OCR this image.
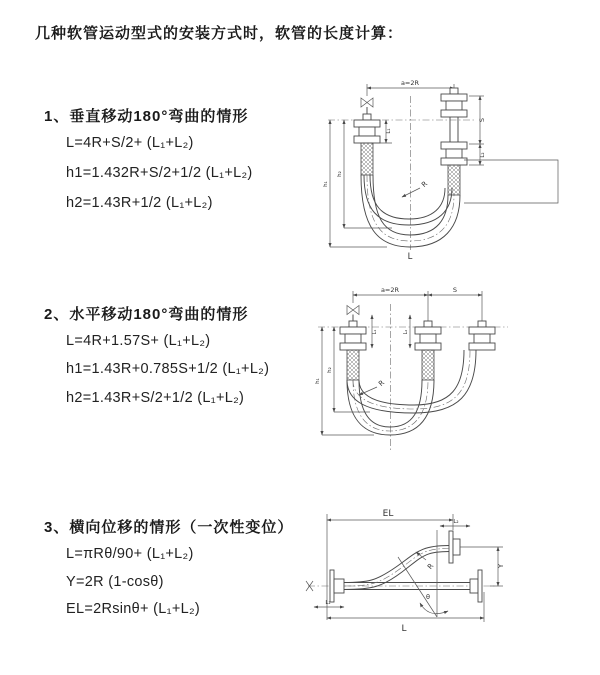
几种软管运动型式的安装方式时，软管的长度计算：
1、垂直移动180°弯曲的情形
L=4R+S/2+ (L₁+L₂)
h1=1.432R+S/2+1/2 (L₁+L₂)
h2=1.43R+1/2 (L₁+L₂)
2、水平移动180°弯曲的情形
L=4R+1.57S+ (L₁+L₂)
h1=1.43R+0.785S+1/2 (L₁+L₂)
h2=1.43R+S/2+1/2 (L₁+L₂)
3、横向位移的情形（一次性变位）
L=πRθ/90+ (L₁+L₂)
Y=2R (1-cosθ)
EL=2Rsinθ+ (L₁+L₂)
a=2R
L₁
S
L₂
R
h₂
h₁
L
a=2R	S
L₁	L₂
R
h₂
h₁
EL
L₂
Y
R
θ
L₁
L
